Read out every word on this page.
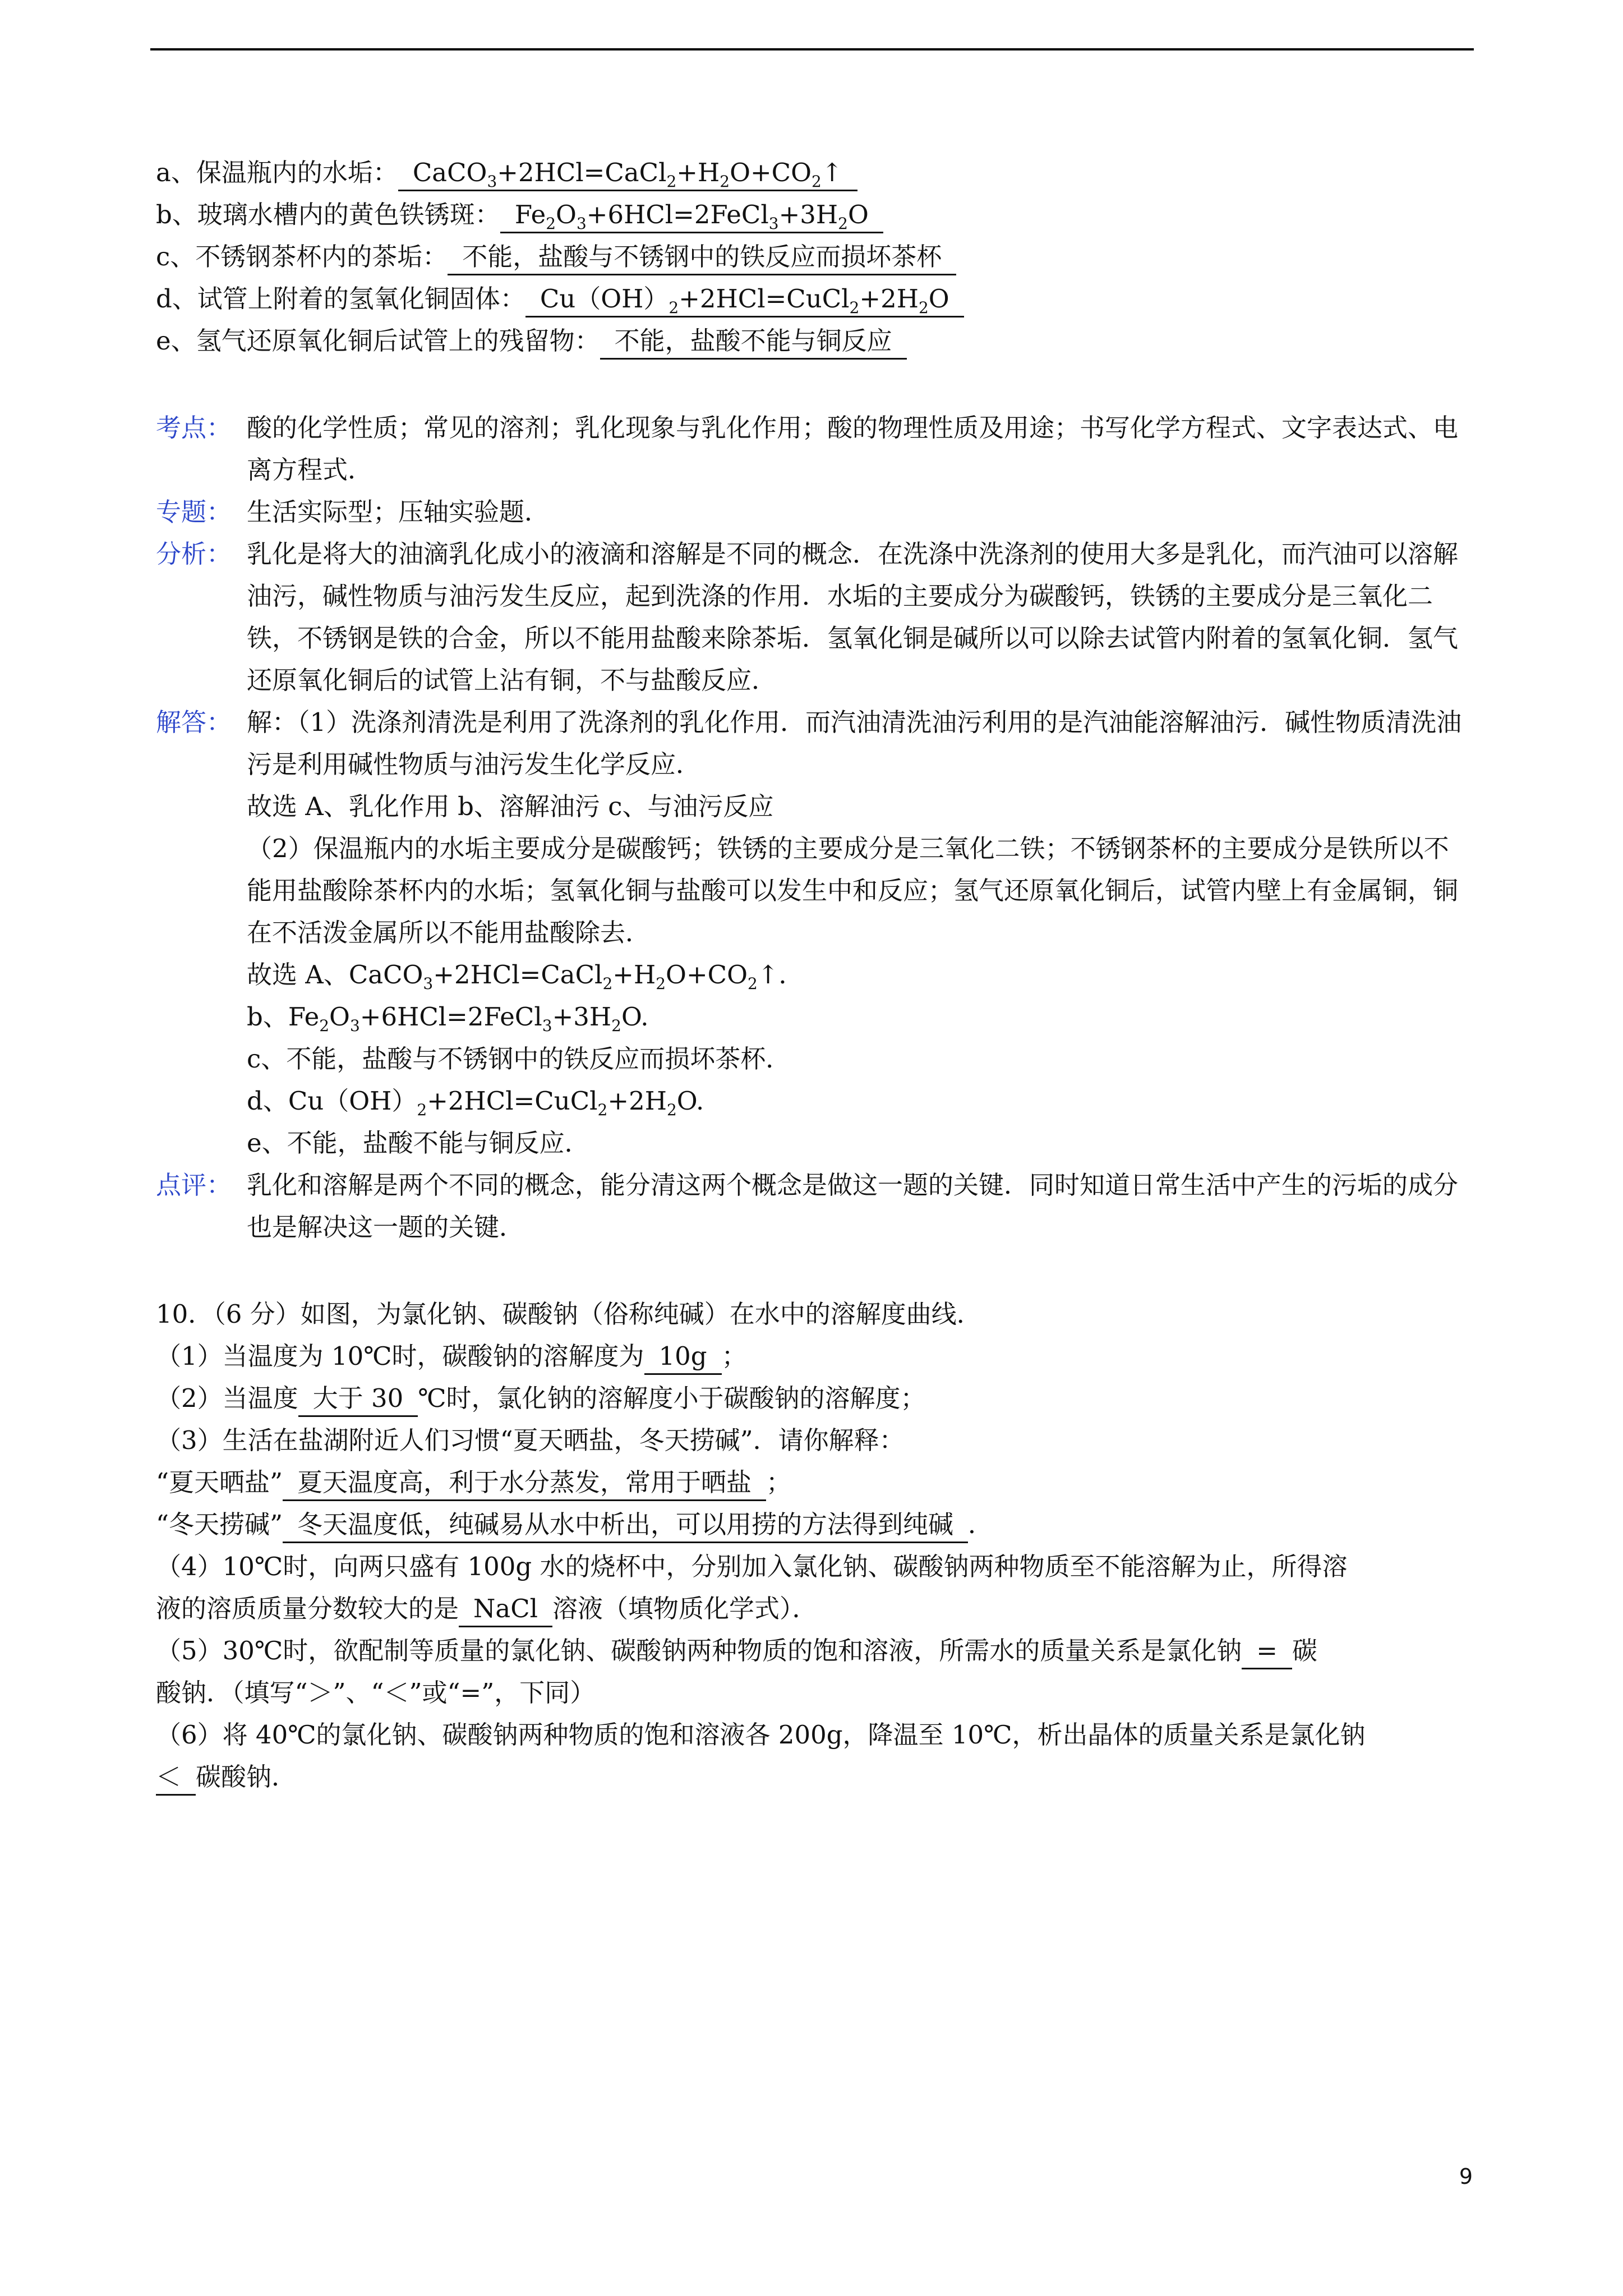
a、保温瓶内的水垢： $CaCO_3+2HCl=CaCl_2+H_2O+CO_2↑$
b、玻璃水槽内的黄色铁锈斑： $Fe_2O_3+6HCl=2FeCl_3+3H_2O$
c、不锈钢茶杯内的茶垢： 不能，盐酸与不锈钢中的铁反应而损坏茶杯
d、试管上附着的氢氧化铜固体： $Cu(OH)_2+2HCl=CuCl_2+2H_2O$
e、氢气还原氧化铜后试管上的残留物： 不能，盐酸不能与铜反应
考点： 酸的化学性质；常见的溶剂；乳化现象与乳化作用；酸的物理性质及用途；书写化学方程式、文字表达式、电离方程式．
专题： 生活实际型；压轴实验题．
分析： 乳化是将大的油滴乳化成小的液滴和溶解是不同的概念．在洗涤中洗涤剂的使用大多是乳化，而汽油可以溶解油污，碱性物质与油污发生反应，起到洗涤的作用．水垢的主要成分为碳酸钙，铁锈的主要成分是三氧化二铁，不锈钢是铁的合金，所以不能用盐酸来除茶垢．氢氧化铜是碱所以可以除去试管内附着的氢氧化铜．氢气还原氧化铜后的试管上沾有铜，不与盐酸反应．
解答： 解：（1）洗涤剂清洗是利用了洗涤剂的乳化作用．而汽油清洗油污利用的是汽油能溶解油污．碱性物质清洗油污是利用碱性物质与油污发生化学反应．
故选 A、乳化作用 b、溶解油污 c、与油污反应
（2）保温瓶内的水垢主要成分是碳酸钙；铁锈的主要成分是三氧化二铁；不锈钢茶杯的主要成分是铁所以不能用盐酸除茶杯内的水垢；氢氧化铜与盐酸可以发生中和反应；氢气还原氧化铜后，试管内壁上有金属铜，铜在不活泼金属所以不能用盐酸除去．
故选 A、$CaCO_3+2HCl=CaCl_2+H_2O+CO_2↑$．
b、$Fe_2O_3+6HCl=2FeCl_3+3H_2O$.
c、不能，盐酸与不锈钢中的铁反应而损坏茶杯．
d、$Cu(OH)_2+2HCl=CuCl_2+2H_2O$.
e、不能，盐酸不能与铜反应．
点评： 乳化和溶解是两个不同的概念，能分清这两个概念是做这一题的关键．同时知道日常生活中产生的污垢的成分也是解决这一题的关键．
10．（6 分）如图，为氯化钠、碳酸钠（俗称纯碱）在水中的溶解度曲线．
（1）当温度为 10℃时，碳酸钠的溶解度为 10g ；
（2）当温度 大于 30 ℃时，氯化钠的溶解度小于碳酸钠的溶解度；
（3）生活在盐湖附近人们习惯“夏天晒盐，冬天捞碱”．请你解释：
“夏天晒盐” 夏天温度高，利于水分蒸发，常用于晒盐 ；
“冬天捞碱” 冬天温度低，纯碱易从水中析出，可以用捞的方法得到纯碱 ．
（4）10℃时，向两只盛有 100g 水的烧杯中，分别加入氯化钠、碳酸钠两种物质至不能溶解为止，所得溶
液的溶质质量分数较大的是 NaCl 溶液（填物质化学式）．
（5）30℃时，欲配制等质量的氯化钠、碳酸钠两种物质的饱和溶液，所需水的质量关系是氯化钠 = 碳
酸钠．（填写“＞”、“＜”或“=”，下同）
（6）将 40℃的氯化钠、碳酸钠两种物质的饱和溶液各 200g，降温至 10℃，析出晶体的质量关系是氯化钠
＜ 碳酸钠．
9
